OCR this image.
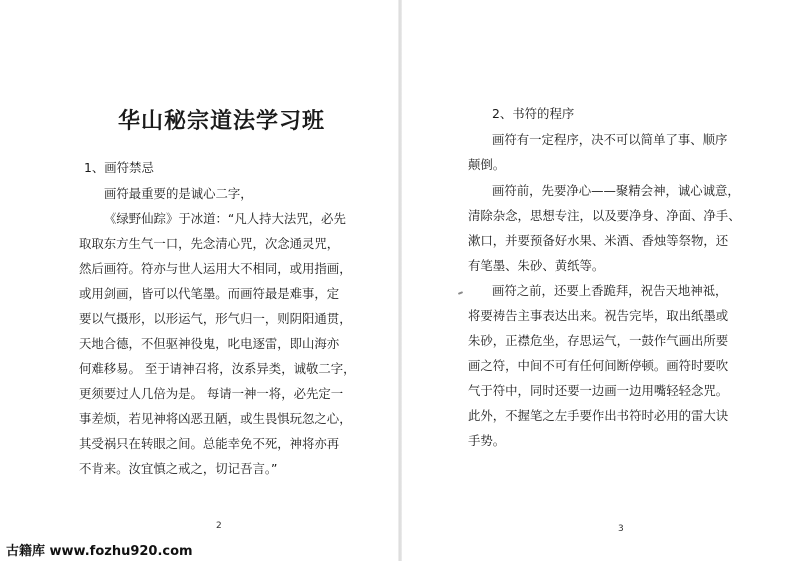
华山秘宗道法学习班
1、画符禁忌
画符最重要的是诚心二字，
《绿野仙踪》于冰道：“凡人持大法咒，必先
取取东方生气一口，先念清心咒，次念通灵咒，
然后画符。符亦与世人运用大不相同，或用指画，
或用剑画，皆可以代笔墨。而画符最是难事，定
要以气摄形，以形运气，形气归一，则阴阳通贯，
天地合德，不但驱神役鬼，叱电逐雷，即山海亦
何难移易。 至于请神召将，汝系异类，诚敬二字，
更须要过人几倍为是。 每请一神一将，必先定一
事差烦，若见神将凶恶丑陋，或生畏惧玩忽之心，
其受祸只在转眼之间。总能幸免不死，神将亦再
不肯来。汝宜慎之戒之，切记吾言。”
2
2、书符的程序
画符有一定程序，决不可以简单了事、顺序
颠倒。
画符前，先要净心——聚精会神，诚心诚意，
清除杂念，思想专注，以及要净身、净面、净手、
漱口，并要预备好水果、米酒、香烛等祭物，还
有笔墨、朱砂、黄纸等。
画符之前，还要上香跪拜，祝告天地神祗，
将要祷告主事表达出来。祝告完毕，取出纸墨或
朱砂，正襟危坐，存思运气，一鼓作气画出所要
画之符，中间不可有任何间断停顿。画符时要吹
气于符中，同时还要一边画一边用嘴轻轻念咒。
此外，不握笔之左手要作出书符时必用的雷大诀
手势。
3
古籍库 www.fozhu920.com
